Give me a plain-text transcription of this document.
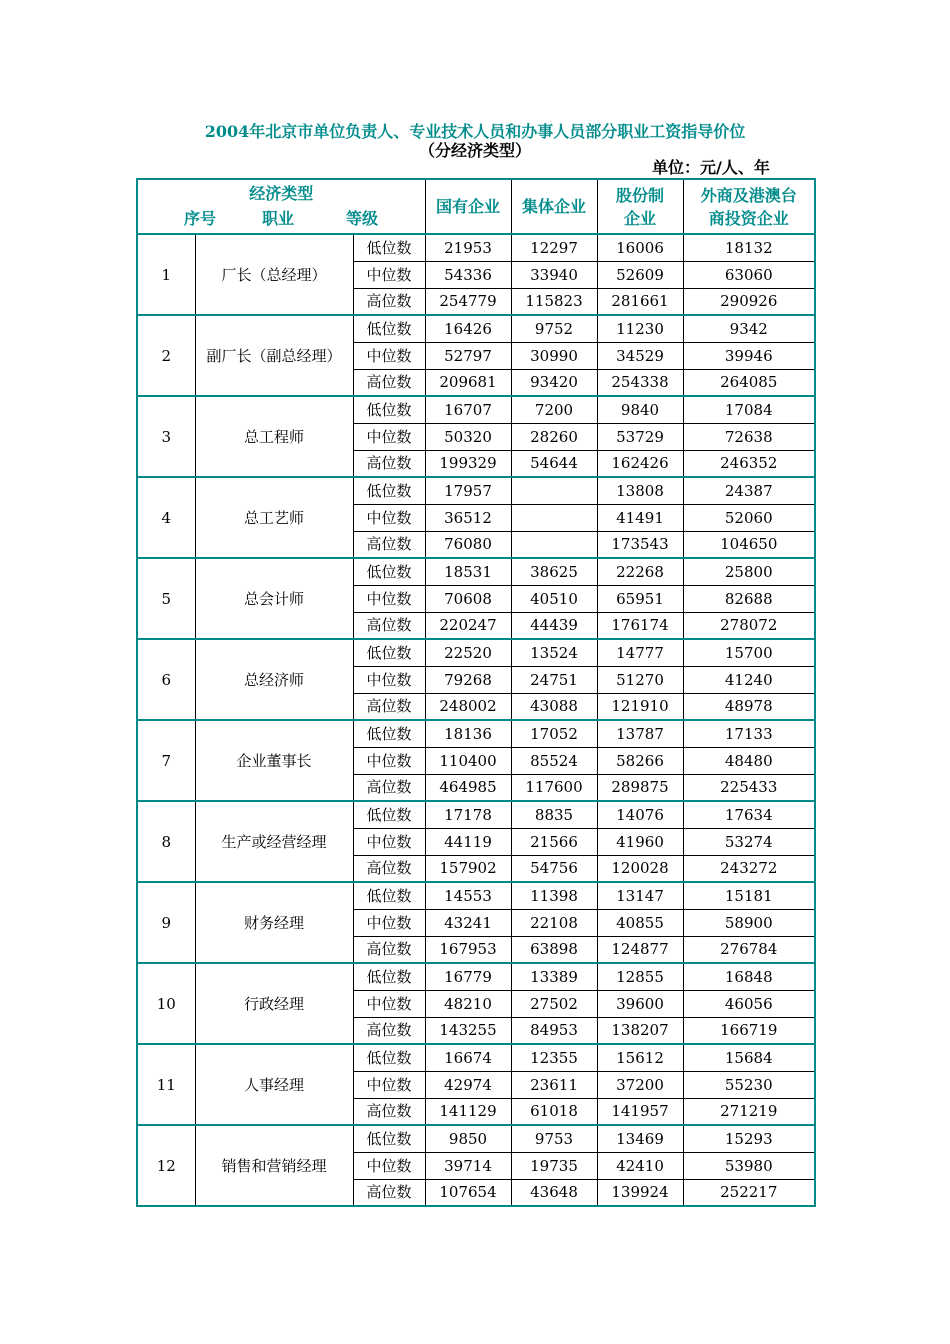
2004年北京市单位负责人、专业技术人员和办事人员部分职业工资指导价位
（分经济类型）
单位：元/人、年
经济类型
序号 职业 等级			国有企业	集体企业	股份制企业	外商及港澳台商投资企业
1	厂长（总经理）	低位数	21953	12297	16006	18132
		中位数	54336	33940	52609	63060
		高位数	254779	115823	281661	290926
2	副厂长（副总经理）	低位数	16426	9752	11230	9342
		中位数	52797	30990	34529	39946
		高位数	209681	93420	254338	264085
3	总工程师	低位数	16707	7200	9840	17084
		中位数	50320	28260	53729	72638
		高位数	199329	54644	162426	246352
4	总工艺师	低位数	17957		13808	24387
		中位数	36512		41491	52060
		高位数	76080		173543	104650
5	总会计师	低位数	18531	38625	22268	25800
		中位数	70608	40510	65951	82688
		高位数	220247	44439	176174	278072
6	总经济师	低位数	22520	13524	14777	15700
		中位数	79268	24751	51270	41240
		高位数	248002	43088	121910	48978
7	企业董事长	低位数	18136	17052	13787	17133
		中位数	110400	85524	58266	48480
		高位数	464985	117600	289875	225433
8	生产或经营经理	低位数	17178	8835	14076	17634
		中位数	44119	21566	41960	53274
		高位数	157902	54756	120028	243272
9	财务经理	低位数	14553	11398	13147	15181
		中位数	43241	22108	40855	58900
		高位数	167953	63898	124877	276784
10	行政经理	低位数	16779	13389	12855	16848
		中位数	48210	27502	39600	46056
		高位数	143255	84953	138207	166719
11	人事经理	低位数	16674	12355	15612	15684
		中位数	42974	23611	37200	55230
		高位数	141129	61018	141957	271219
12	销售和营销经理	低位数	9850	9753	13469	15293
		中位数	39714	19735	42410	53980
		高位数	107654	43648	139924	252217
